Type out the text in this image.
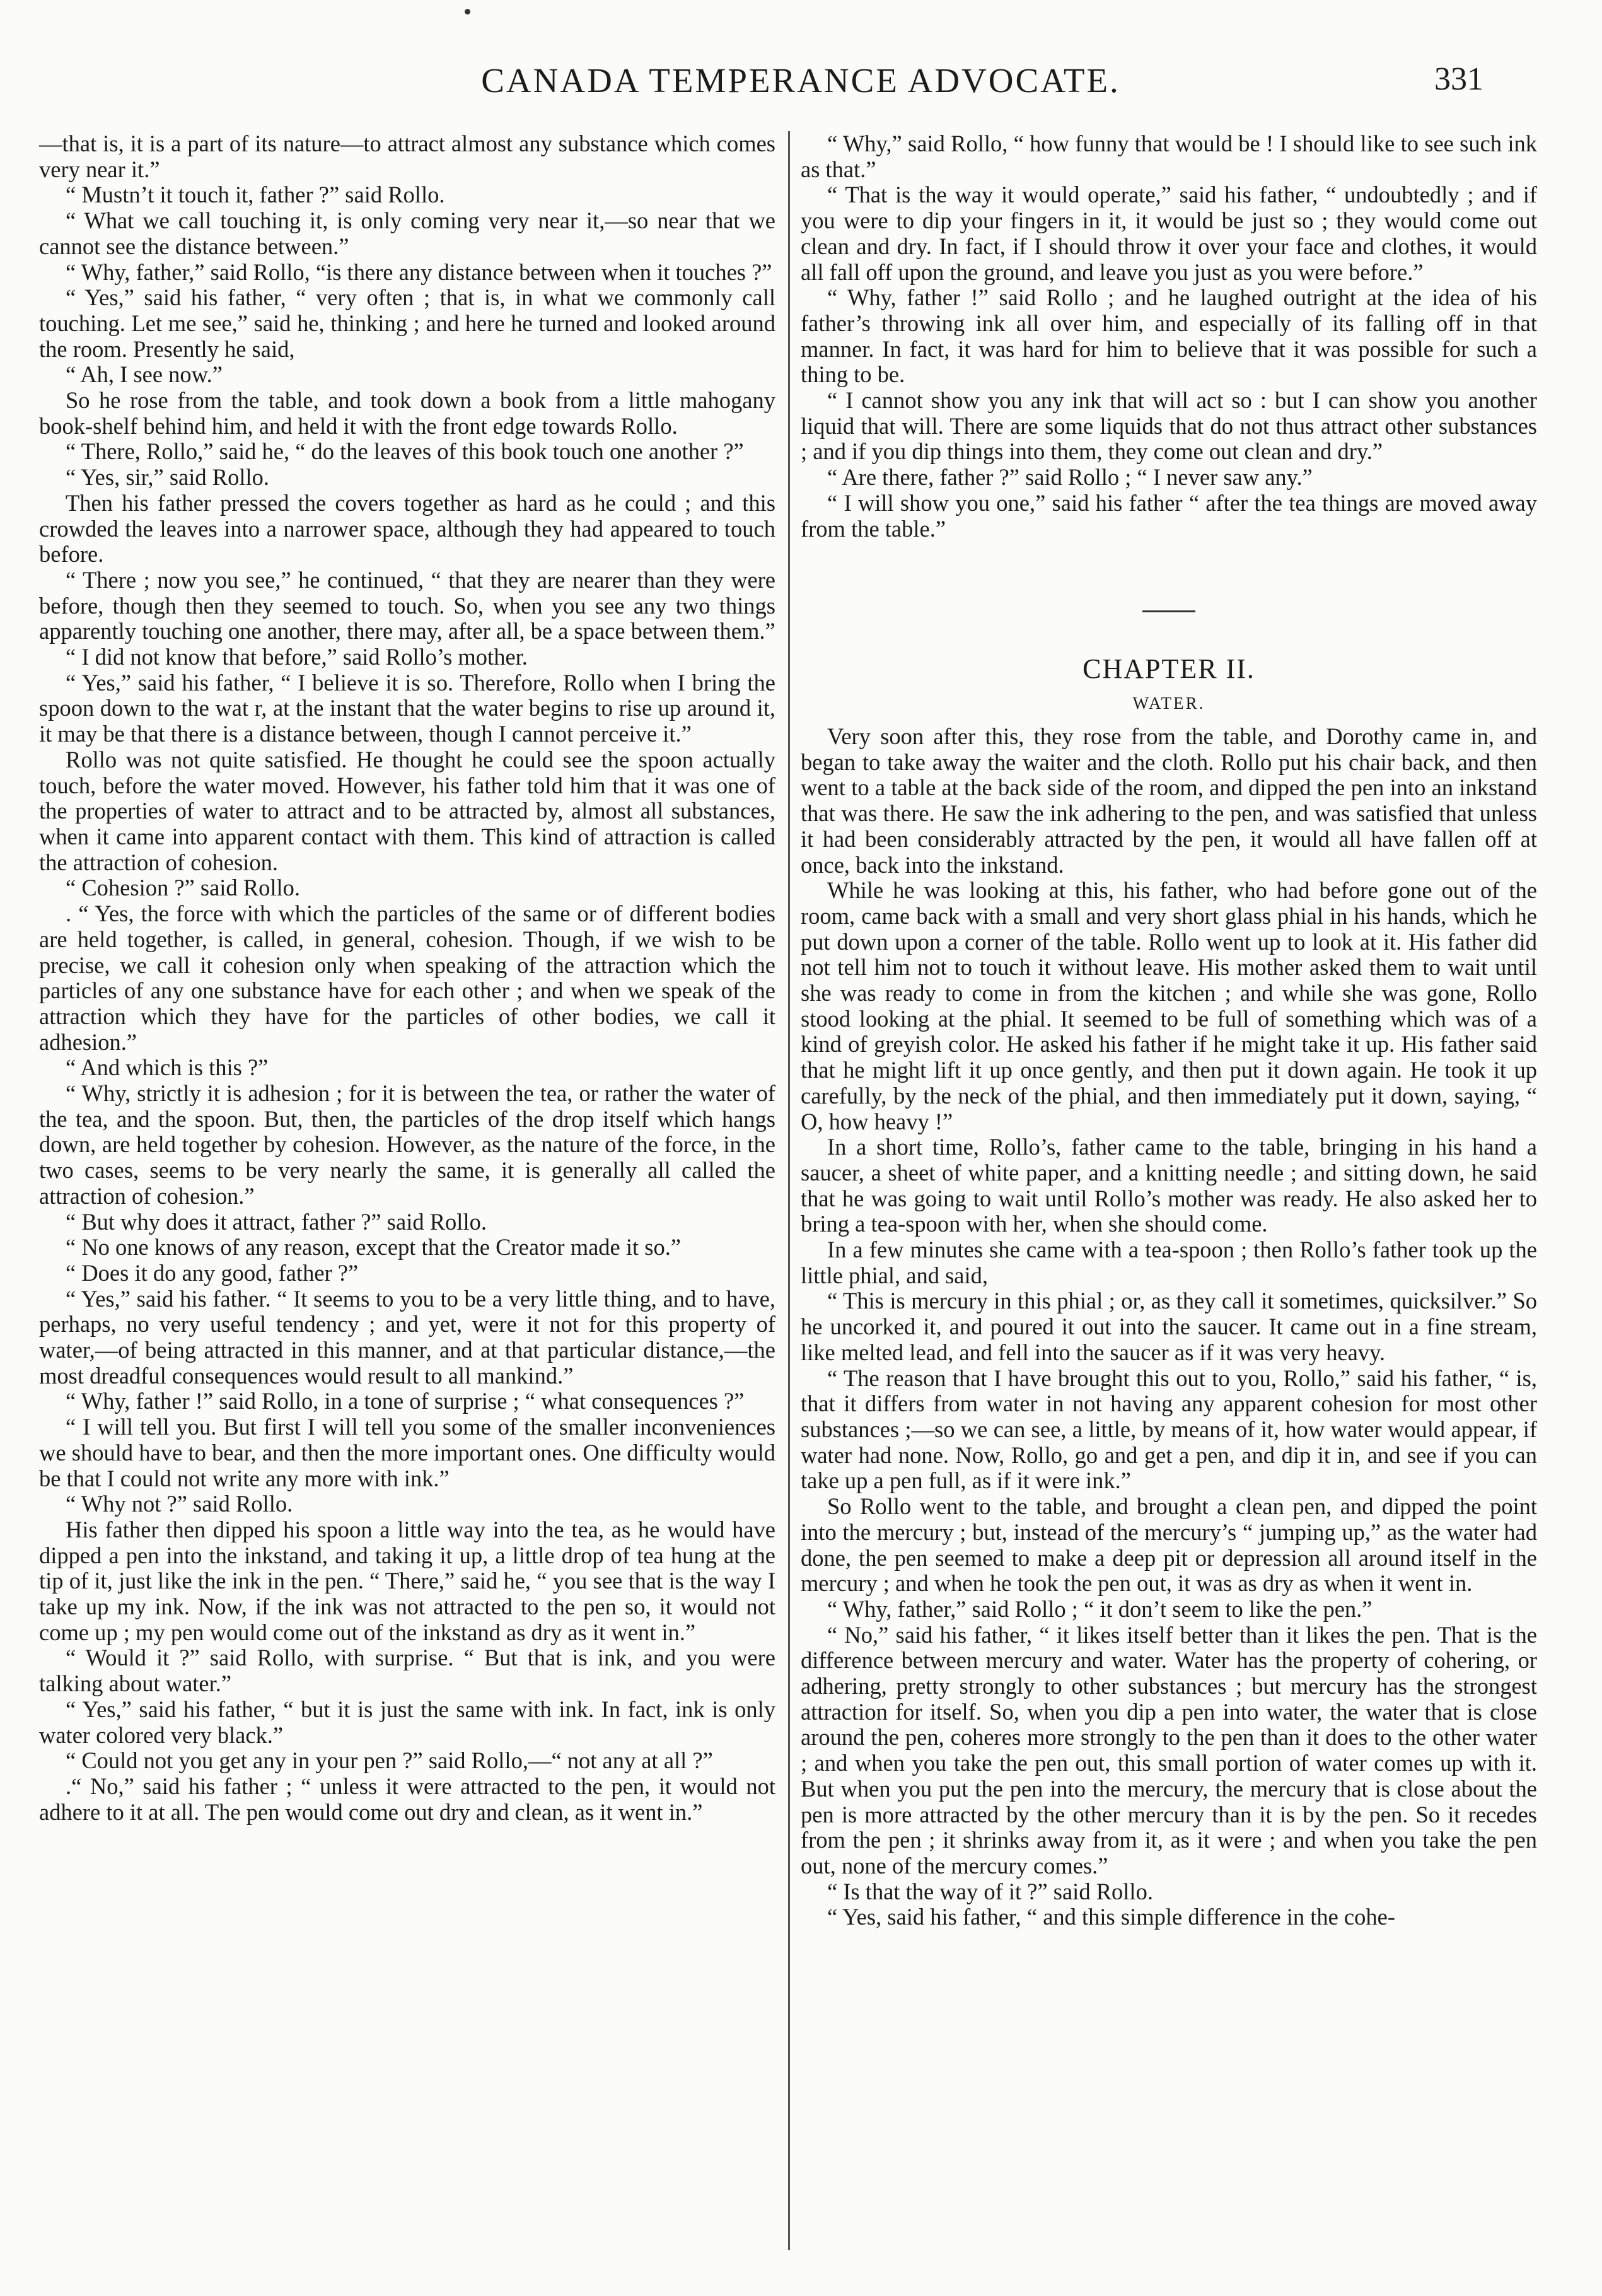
CANADA TEMPERANCE ADVOCATE.	331

—that is, it is a part of its nature—to attract almost any substance which comes very near it.”

“ Mustn’t it touch it, father ?” said Rollo.

“ What we call touching it, is only coming very near it,—so near that we cannot see the distance between.”

“ Why, father,” said Rollo, “is there any distance between when it touches ?”

“ Yes,” said his father, “ very often ; that is, in what we commonly call touching. Let me see,” said he, thinking ; and here he turned and looked around the room. Presently he said,

“ Ah, I see now.”

So he rose from the table, and took down a book from a little mahogany book-shelf behind him, and held it with the front edge towards Rollo.

“ There, Rollo,” said he, “ do the leaves of this book touch one another ?”

“ Yes, sir,” said Rollo.

Then his father pressed the covers together as hard as he could ; and this crowded the leaves into a narrower space, although they had appeared to touch before.

“ There ; now you see,” he continued, “ that they are nearer than they were before, though then they seemed to touch. So, when you see any two things apparently touching one another, there may, after all, be a space between them.”

“ I did not know that before,” said Rollo’s mother.

“ Yes,” said his father, “ I believe it is so. Therefore, Rollo when I bring the spoon down to the wat r, at the instant that the water begins to rise up around it, it may be that there is a distance between, though I cannot perceive it.”

Rollo was not quite satisfied. He thought he could see the spoon actually touch, before the water moved. However, his father told him that it was one of the properties of water to attract and to be attracted by, almost all substances, when it came into apparent contact with them. This kind of attraction is called the attraction of cohesion.

“ Cohesion ?” said Rollo.

. “ Yes, the force with which the particles of the same or of different bodies are held together, is called, in general, cohesion. Though, if we wish to be precise, we call it cohesion only when speaking of the attraction which the particles of any one substance have for each other ; and when we speak of the attraction which they have for the particles of other bodies, we call it adhesion.”

“ And which is this ?”

“ Why, strictly it is adhesion ; for it is between the tea, or rather the water of the tea, and the spoon. But, then, the particles of the drop itself which hangs down, are held together by cohesion. However, as the nature of the force, in the two cases, seems to be very nearly the same, it is generally all called the attraction of cohesion.”

“ But why does it attract, father ?” said Rollo.

“ No one knows of any reason, except that the Creator made it so.”

“ Does it do any good, father ?”

“ Yes,” said his father. “ It seems to you to be a very little thing, and to have, perhaps, no very useful tendency ; and yet, were it not for this property of water,—of being attracted in this manner, and at that particular distance,—the most dreadful consequences would result to all mankind.”

“ Why, father !” said Rollo, in a tone of surprise ; “ what consequences ?”

“ I will tell you. But first I will tell you some of the smaller inconveniences we should have to bear, and then the more important ones. One difficulty would be that I could not write any more with ink.”

“ Why not ?” said Rollo.

His father then dipped his spoon a little way into the tea, as he would have dipped a pen into the inkstand, and taking it up, a little drop of tea hung at the tip of it, just like the ink in the pen. “ There,” said he, “ you see that is the way I take up my ink. Now, if the ink was not attracted to the pen so, it would not come up ; my pen would come out of the inkstand as dry as it went in.”

“ Would it ?” said Rollo, with surprise. “ But that is ink, and you were talking about water.”

“ Yes,” said his father, “ but it is just the same with ink. In fact, ink is only water colored very black.”

“ Could not you get any in your pen ?” said Rollo,—“ not any at all ?”

.“ No,” said his father ; “ unless it were attracted to the pen, it would not adhere to it at all. The pen would come out dry and clean, as it went in.”

“ Why,” said Rollo, “ how funny that would be ! I should like to see such ink as that.”

“ That is the way it would operate,” said his father, “ undoubtedly ; and if you were to dip your fingers in it, it would be just so ; they would come out clean and dry. In fact, if I should throw it over your face and clothes, it would all fall off upon the ground, and leave you just as you were before.”

“ Why, father !” said Rollo ; and he laughed outright at the idea of his father’s throwing ink all over him, and especially of its falling off in that manner. In fact, it was hard for him to believe that it was possible for such a thing to be.

“ I cannot show you any ink that will act so : but I can show you another liquid that will. There are some liquids that do not thus attract other substances ; and if you dip things into them, they come out clean and dry.”

“ Are there, father ?” said Rollo ; “ I never saw any.”

“ I will show you one,” said his father “ after the tea things are moved away from the table.”

CHAPTER II.
WATER.

Very soon after this, they rose from the table, and Dorothy came in, and began to take away the waiter and the cloth. Rollo put his chair back, and then went to a table at the back side of the room, and dipped the pen into an inkstand that was there. He saw the ink adhering to the pen, and was satisfied that unless it had been considerably attracted by the pen, it would all have fallen off at once, back into the inkstand.

While he was looking at this, his father, who had before gone out of the room, came back with a small and very short glass phial in his hands, which he put down upon a corner of the table. Rollo went up to look at it. His father did not tell him not to touch it without leave. His mother asked them to wait until she was ready to come in from the kitchen ; and while she was gone, Rollo stood looking at the phial. It seemed to be full of something which was of a kind of greyish color. He asked his father if he might take it up. His father said that he might lift it up once gently, and then put it down again. He took it up carefully, by the neck of the phial, and then immediately put it down, saying, “ O, how heavy !”

In a short time, Rollo’s, father came to the table, bringing in his hand a saucer, a sheet of white paper, and a knitting needle ; and sitting down, he said that he was going to wait until Rollo’s mother was ready. He also asked her to bring a tea-spoon with her, when she should come.

In a few minutes she came with a tea-spoon ; then Rollo’s father took up the little phial, and said,

“ This is mercury in this phial ; or, as they call it sometimes, quicksilver.” So he uncorked it, and poured it out into the saucer. It came out in a fine stream, like melted lead, and fell into the saucer as if it was very heavy.

“ The reason that I have brought this out to you, Rollo,” said his father, “ is, that it differs from water in not having any apparent cohesion for most other substances ;—so we can see, a little, by means of it, how water would appear, if water had none. Now, Rollo, go and get a pen, and dip it in, and see if you can take up a pen full, as if it were ink.”

So Rollo went to the table, and brought a clean pen, and dipped the point into the mercury ; but, instead of the mercury’s “ jumping up,” as the water had done, the pen seemed to make a deep pit or depression all around itself in the mercury ; and when he took the pen out, it was as dry as when it went in.

“ Why, father,” said Rollo ; “ it don’t seem to like the pen.”

“ No,” said his father, “ it likes itself better than it likes the pen. That is the difference between mercury and water. Water has the property of cohering, or adhering, pretty strongly to other substances ; but mercury has the strongest attraction for itself. So, when you dip a pen into water, the water that is close around the pen, coheres more strongly to the pen than it does to the other water ; and when you take the pen out, this small portion of water comes up with it. But when you put the pen into the mercury, the mercury that is close about the pen is more attracted by the other mercury than it is by the pen. So it recedes from the pen ; it shrinks away from it, as it were ; and when you take the pen out, none of the mercury comes.”

“ Is that the way of it ?” said Rollo.

“ Yes, said his father, “ and this simple difference in the cohe-
